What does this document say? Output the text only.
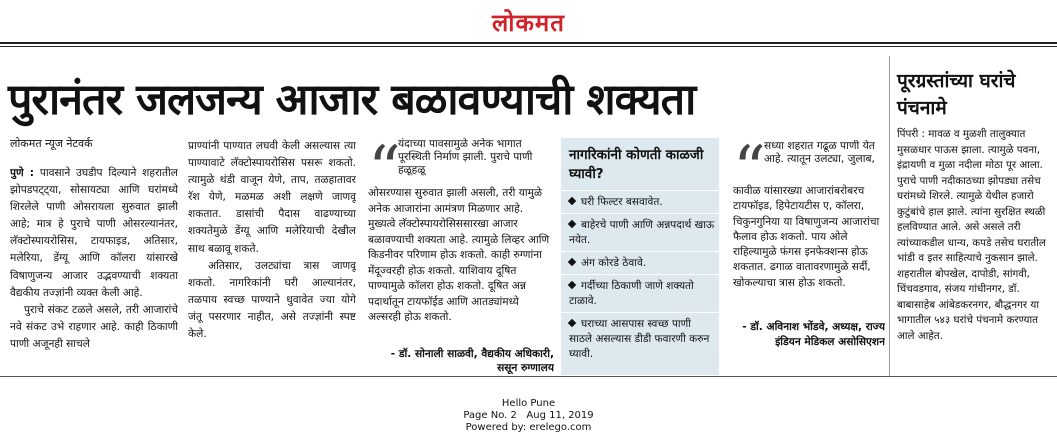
लोकमत
पुरानंतर जलजन्य आजार बळावण्याची शक्यता
लोकमत न्यूज नेटवर्क

पुणे : पावसाने उघडीप दिल्याने शहरातील झोपडपट्ट्या, सोसायट्या आणि घरांमध्ये शिरलेले पाणी ओसरायला सुरुवात झाली आहे; मात्र हे पुराचे पाणी ओसरल्यानंतर, लॅक्टोस्पायरोसिस, टायफाइड, अतिसार, मलेरिया, डेंग्यू आणि कॉलरा यांसारखे विषाणुजन्य आजार उद्भवण्याची शक्यता वैद्यकीय तज्ज्ञांनी व्यक्त केली आहे.

पुराचे संकट टळले असले, तरी आजारांचे नवे संकट उभे राहणार आहे. काही ठिकाणी पाणी अजूनही साचले

प्राण्यांनी पाण्यात लघवी केली असल्यास त्या पाण्यावाटे लॅक्टोस्पायरोसिस पसरू शकतो. त्यामुळे थंडी वाजून येणे, ताप, तळहातावर रॅश येणे, मळमळ अशी लक्षणे जाणवू शकतात. डासांची पैदास वाढण्याच्या शक्यतेमुळे डेंग्यू आणि मलेरियाची देखील साथ बळावू शकते.

अतिसार, उलट्यांचा त्रास जाणवू शकतो. नागरिकांनी घरी आल्यानंतर, तळपाय स्वच्छ पाण्याने धुवावेत ज्या योगे जंतू पसरणार नाहीत, असे तज्ज्ञांनी स्पष्ट केले.

“
यंदाच्या पावसामुळे अनेक भागात पूरस्थिती निर्माण झाली. पुराचे पाणी हळूहळू
ओसरण्यास सुरुवात झाली असली, तरी यामुळे अनेक आजारांना आमंत्रण मिळणार आहे. मुख्यत्वे लॅक्टोस्पायरोसिससारखा आजार बळावण्याची शक्यता आहे. त्यामुळे लिव्हर आणि किडनीवर परिणाम होऊ शकतो. काही रुग्णांना मेंदूज्वरही होऊ शकतो. याशिवाय दूषित पाण्यामुळे कॉलरा होऊ शकतो. दूषित अन्न पदार्थातून टायफॉईड आणि आतड्यांमध्ये अल्सरही होऊ शकतो.
- डॉ. सोनाली साळवी, वैद्यकीय अधिकारी, ससून रुग्णालय
नागरिकांनी कोणती काळजी घ्यावी?
घरी फिल्टर बसवावेत.
बाहेरचे पाणी आणि अन्नपदार्थ खाऊ नयेत.
अंग कोरडे ठेवावे.
गर्दीच्या ठिकाणी जाणे शक्यतो टाळावे.
घराच्या आसपास स्वच्छ पाणी साठले असल्यास डीडी फवारणी करुन घ्यावी.
“
सध्या शहरात गढूळ पाणी येत आहे. त्यातून उलट्या, जुलाब,
कावीळ यांसारख्या आजारांबरोबरच टायफॉइड, हिपेटायटीस ए, कॉलरा, चिकुनगुनिया या विषाणुजन्य आजारांचा फैलाव होऊ शकतो. पाय ओले राहिल्यामुळे फंगस इनफेक्शन्स होऊ शकतात. ढगाळ वातावरणामुळे सर्दी, खोकल्याचा त्रास होऊ शकतो.
- डॉ. अविनाश भोंडवे, अध्यक्ष, राज्य इंडियन मेडिकल असोसिएशन
पूरग्रस्तांच्या घरांचे पंचनामे
पिंपरी : मावळ व मुळशी तालुक्यात मुसळधार पाऊस झाला. त्यामुळे पवना, इंद्रायणी व मुळा नदीला मोठा पूर आला. पुराचे पाणी नदीकाठच्या झोपड्या तसेच घरांमध्ये शिरले. त्यामुळे येथील हजारो कुटुंबांचे हाल झाले. त्यांना सुरक्षित स्थळी हलविण्यात आले. असे असले तरी त्यांच्याकडील धान्य, कपडे तसेच घरातील भांडी व इतर साहित्याचे नुकसान झाले. शहरातील बोपखेल, दापोडी, सांगवी, चिंचवडगाव, संजय गांधीनगर, डॉ. बाबासाहेब आंबेडकरनगर, बौद्धनगर या भागातील ५४३ घरांचे पंचनामे करण्यात आले आहेत.
Hello Pune
Page No. 2   Aug 11, 2019
Powered by: erelego.com
